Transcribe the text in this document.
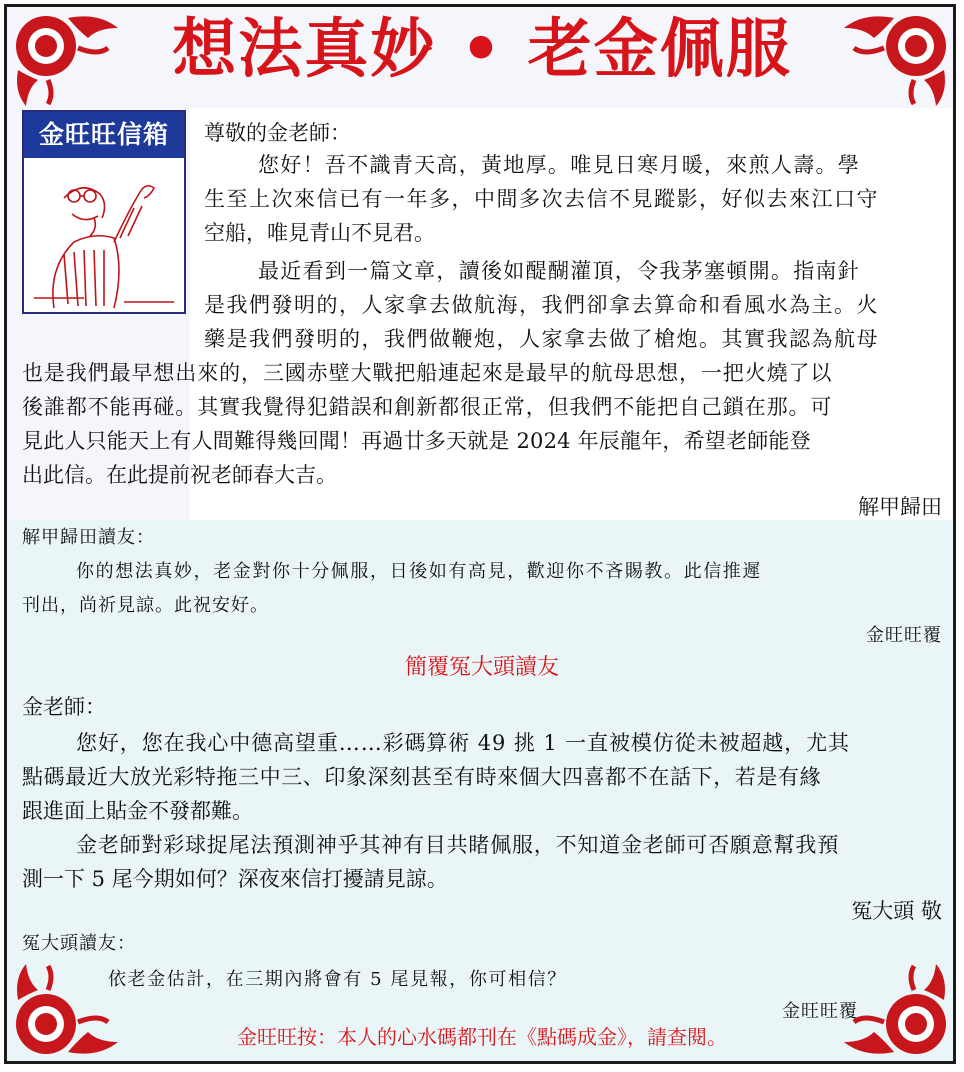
想法真妙 • 老金佩服
金旺旺信箱	尊敬的金老師：
您好！吾不識青天高，黃地厚。唯見日寒月暖，來煎人壽。學
生至上次來信已有一年多，中間多次去信不見蹤影，好似去來江口守
空船，唯見青山不見君。
最近看到一篇文章，讀後如醍醐灌頂，令我茅塞頓開。指南針
是我們發明的，人家拿去做航海，我們卻拿去算命和看風水為主。火
藥是我們發明的，我們做鞭炮，人家拿去做了槍炮。其實我認為航母
也是我們最早想出來的，三國赤壁大戰把船連起來是最早的航母思想，一把火燒了以
後誰都不能再碰。其實我覺得犯錯誤和創新都很正常，但我們不能把自己鎖在那。可
見此人只能天上有人間難得幾回聞！再過廿多天就是 2024 年辰龍年，希望老師能登
出此信。在此提前祝老師春大吉。
解甲歸田
解甲歸田讀友：
你的想法真妙，老金對你十分佩服，日後如有高見，歡迎你不吝賜教。此信推遲
刊出，尚祈見諒。此祝安好。
金旺旺覆
簡覆冤大頭讀友
金老師：
您好，您在我心中德高望重……彩碼算術 49 挑 1 一直被模仿從未被超越，尤其
點碼最近大放光彩特拖三中三、印象深刻甚至有時來個大四喜都不在話下，若是有緣
跟進面上貼金不發都難。
金老師對彩球捉尾法預測神乎其神有目共睹佩服，不知道金老師可否願意幫我預
測一下 5 尾今期如何？深夜來信打擾請見諒。
冤大頭 敬
冤大頭讀友：
依老金估計，在三期內將會有 5 尾見報，你可相信？
金旺旺覆
金旺旺按：本人的心水碼都刊在《點碼成金》，請查閱。
